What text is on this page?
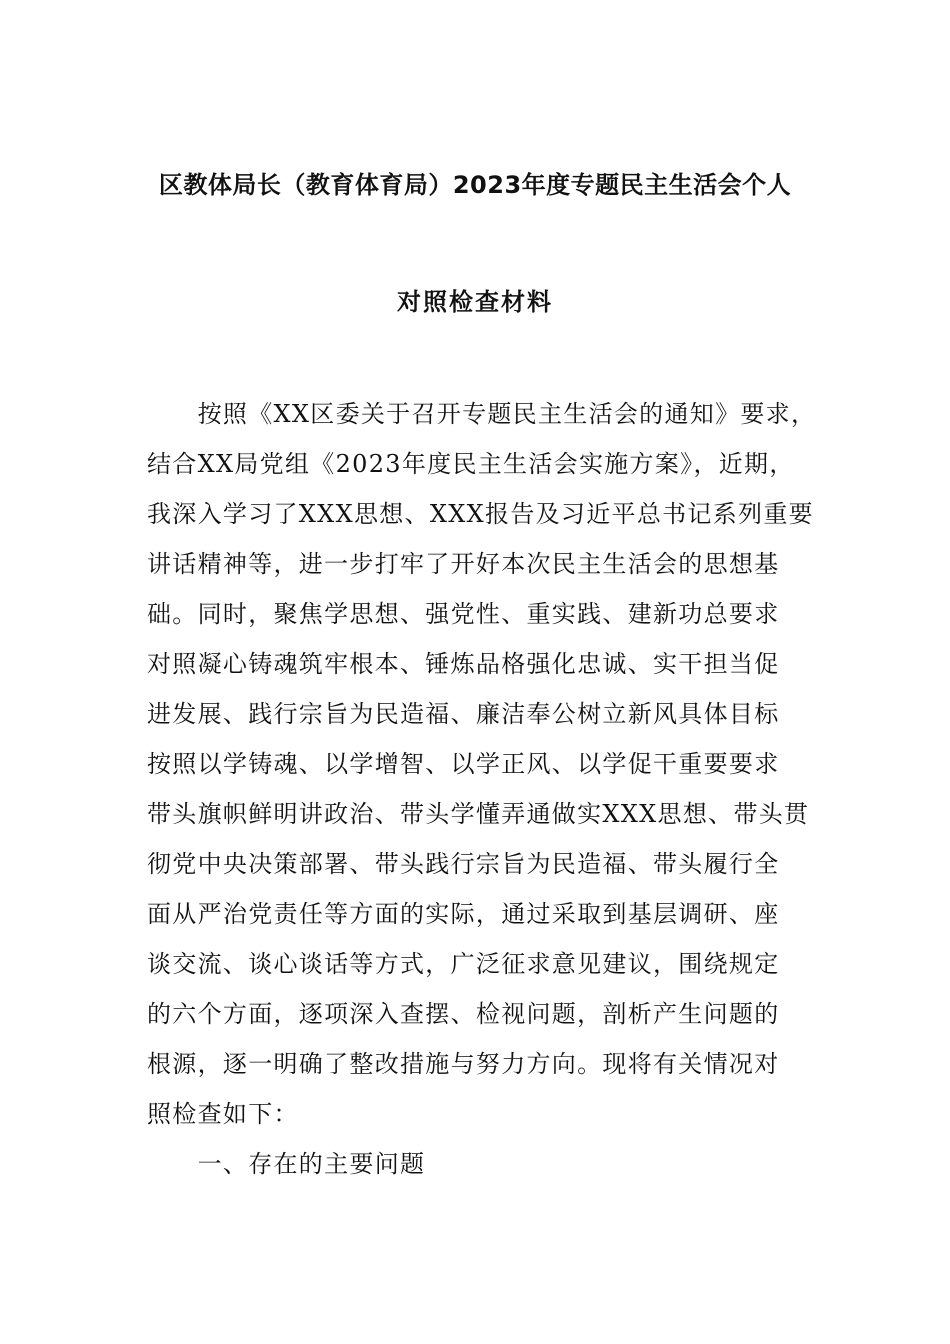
区教体局长（教育体育局）2023年度专题民主生活会个人
对照检查材料
　　按照《XX区委关于召开专题民主生活会的通知》要求，
结合XX局党组《2023年度民主生活会实施方案》，近期，
我深入学习了XXX思想、XXX报告及习近平总书记系列重要
讲话精神等，进一步打牢了开好本次民主生活会的思想基
础。同时，聚焦学思想、强党性、重实践、建新功总要求
对照凝心铸魂筑牢根本、锤炼品格强化忠诚、实干担当促
进发展、践行宗旨为民造福、廉洁奉公树立新风具体目标
按照以学铸魂、以学增智、以学正风、以学促干重要要求
带头旗帜鲜明讲政治、带头学懂弄通做实XXX思想、带头贯
彻党中央决策部署、带头践行宗旨为民造福、带头履行全
面从严治党责任等方面的实际，通过采取到基层调研、座
谈交流、谈心谈话等方式，广泛征求意见建议，围绕规定
的六个方面，逐项深入查摆、检视问题，剖析产生问题的
根源，逐一明确了整改措施与努力方向。现将有关情况对
照检查如下：
　　一、存在的主要问题
